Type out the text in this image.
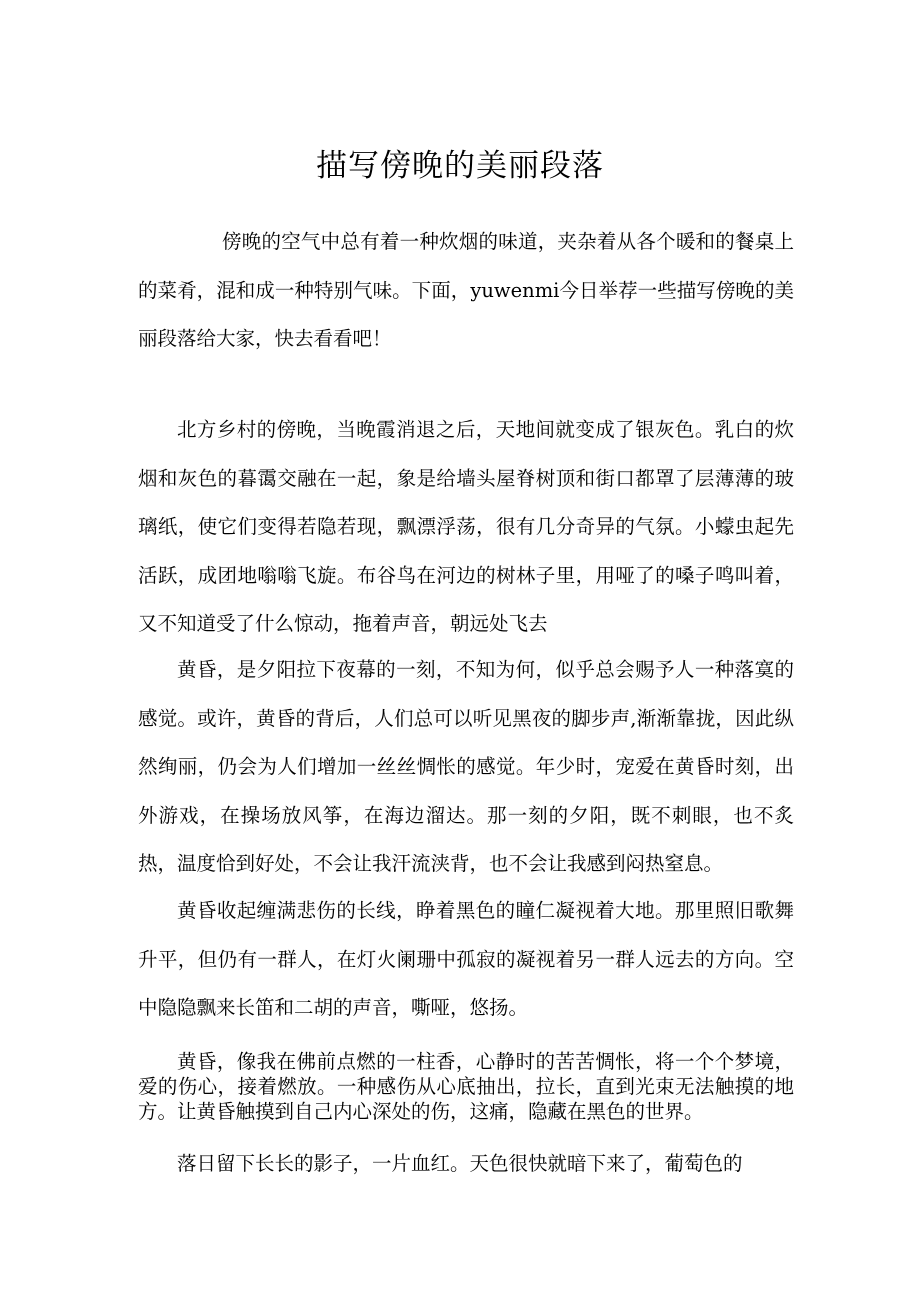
描写傍晚的美丽段落

傍晚的空气中总有着一种炊烟的味道，夹杂着从各个暖和的餐桌上的菜肴，混和成一种特别气味。下面，yuwenmi今日举荐一些描写傍晚的美丽段落给大家，快去看看吧！

北方乡村的傍晚，当晚霞消退之后，天地间就变成了银灰色。乳白的炊烟和灰色的暮霭交融在一起，象是给墙头屋脊树顶和街口都罩了层薄薄的玻璃纸，使它们变得若隐若现，飘漂浮荡，很有几分奇异的气氛。小蠓虫起先活跃，成团地嗡嗡飞旋。布谷鸟在河边的树林子里，用哑了的嗓子鸣叫着，又不知道受了什么惊动，拖着声音，朝远处飞去

黄昏，是夕阳拉下夜幕的一刻，不知为何，似乎总会赐予人一种落寞的感觉。或许，黄昏的背后，人们总可以听见黑夜的脚步声,渐渐靠拢，因此纵然绚丽，仍会为人们增加一丝丝惆怅的感觉。年少时，宠爱在黄昏时刻，出外游戏，在操场放风筝，在海边溜达。那一刻的夕阳，既不刺眼，也不炙热，温度恰到好处，不会让我汗流浃背，也不会让我感到闷热窒息。

黄昏收起缠满悲伤的长线，睁着黑色的瞳仁凝视着大地。那里照旧歌舞升平，但仍有一群人，在灯火阑珊中孤寂的凝视着另一群人远去的方向。空中隐隐飘来长笛和二胡的声音，嘶哑，悠扬。

黄昏，像我在佛前点燃的一柱香，心静时的苦苦惆怅，将一个个梦境，爱的伤心，接着燃放。一种感伤从心底抽出，拉长，直到光束无法触摸的地方。让黄昏触摸到自己内心深处的伤，这痛，隐藏在黑色的世界。

落日留下长长的影子，一片血红。天色很快就暗下来了，葡萄色的
